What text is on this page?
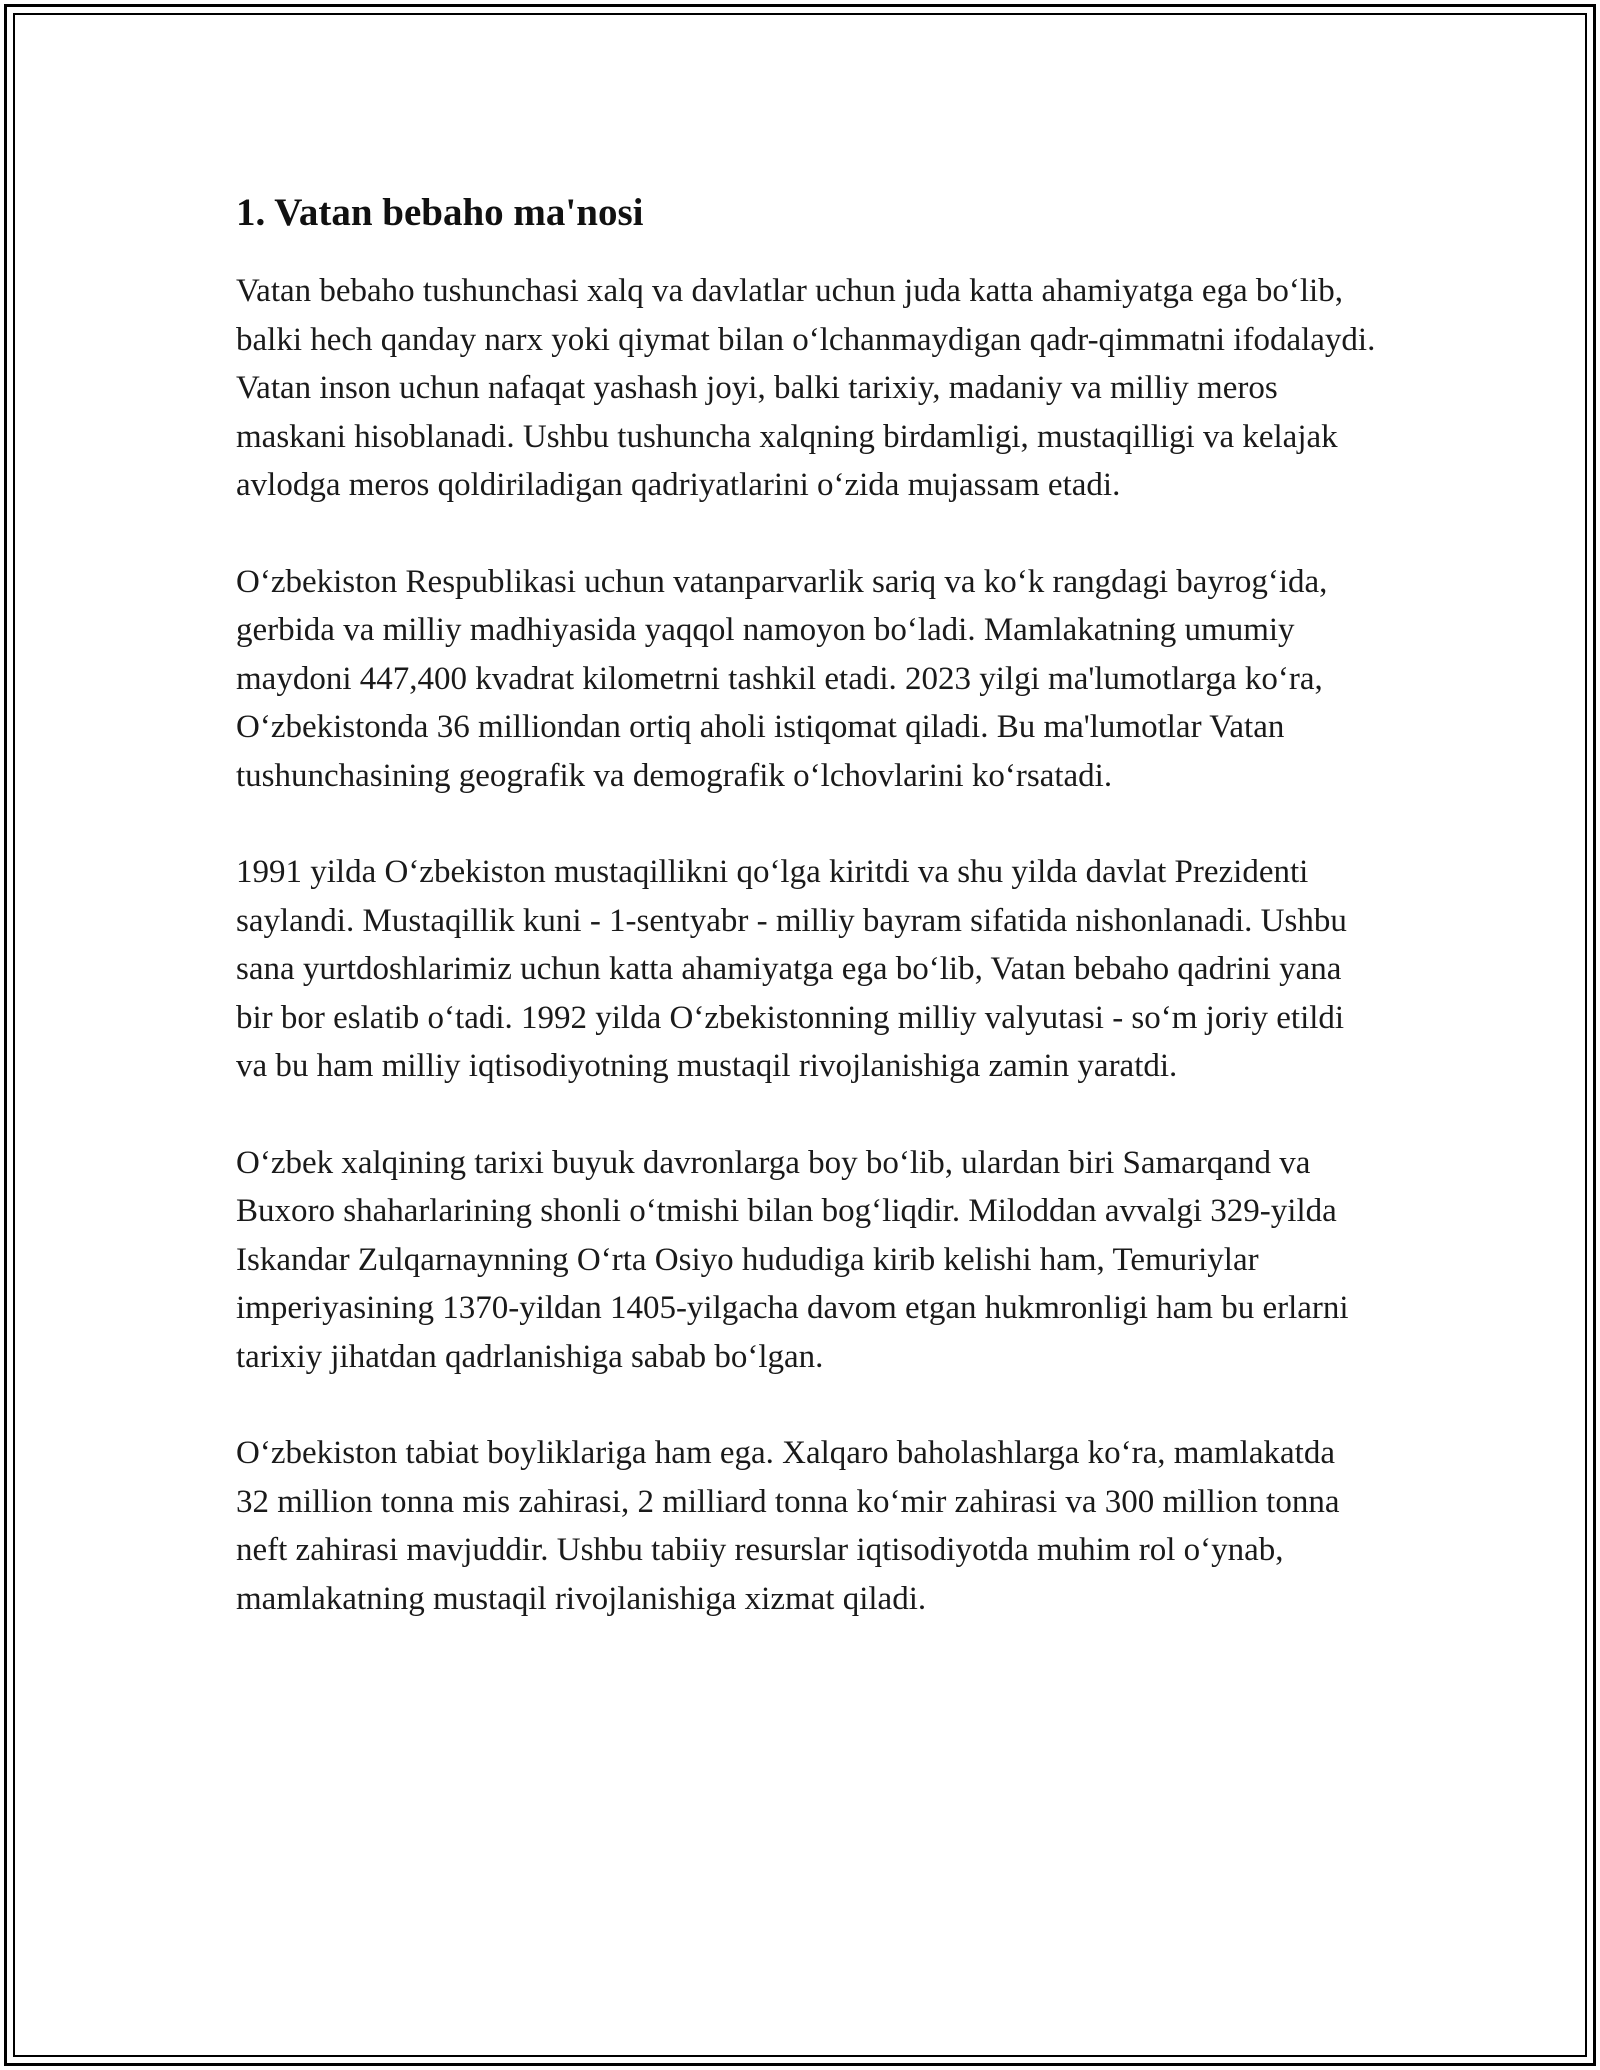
1. Vatan bebaho ma'nosi

Vatan bebaho tushunchasi xalq va davlatlar uchun juda katta ahamiyatga ega bo‘lib, balki hech qanday narx yoki qiymat bilan o‘lchanmaydigan qadr-qimmatni ifodalaydi. Vatan inson uchun nafaqat yashash joyi, balki tarixiy, madaniy va milliy meros maskani hisoblanadi. Ushbu tushuncha xalqning birdamligi, mustaqilligi va kelajak avlodga meros qoldiriladigan qadriyatlarini o‘zida mujassam etadi.

O‘zbekiston Respublikasi uchun vatanparvarlik sariq va ko‘k rangdagi bayrog‘ida, gerbida va milliy madhiyasida yaqqol namoyon bo‘ladi. Mamlakatning umumiy maydoni 447,400 kvadrat kilometrni tashkil etadi. 2023 yilgi ma'lumotlarga ko‘ra, O‘zbekistonda 36 milliondan ortiq aholi istiqomat qiladi. Bu ma'lumotlar Vatan tushunchasining geografik va demografik o‘lchovlarini ko‘rsatadi.

1991 yilda O‘zbekiston mustaqillikni qo‘lga kiritdi va shu yilda davlat Prezidenti saylandi. Mustaqillik kuni - 1-sentyabr - milliy bayram sifatida nishonlanadi. Ushbu sana yurtdoshlarimiz uchun katta ahamiyatga ega bo‘lib, Vatan bebaho qadrini yana bir bor eslatib o‘tadi. 1992 yilda O‘zbekistonning milliy valyutasi - so‘m joriy etildi va bu ham milliy iqtisodiyotning mustaqil rivojlanishiga zamin yaratdi.

O‘zbek xalqining tarixi buyuk davronlarga boy bo‘lib, ulardan biri Samarqand va Buxoro shaharlarining shonli o‘tmishi bilan bog‘liqdir. Miloddan avvalgi 329-yilda Iskandar Zulqarnaynning O‘rta Osiyo hududiga kirib kelishi ham, Temuriylar imperiyasining 1370-yildan 1405-yilgacha davom etgan hukmronligi ham bu erlarni tarixiy jihatdan qadrlanishiga sabab bo‘lgan.

O‘zbekiston tabiat boyliklariga ham ega. Xalqaro baholashlarga ko‘ra, mamlakatda 32 million tonna mis zahirasi, 2 milliard tonna ko‘mir zahirasi va 300 million tonna neft zahirasi mavjuddir. Ushbu tabiiy resurslar iqtisodiyotda muhim rol o‘ynab, mamlakatning mustaqil rivojlanishiga xizmat qiladi.
